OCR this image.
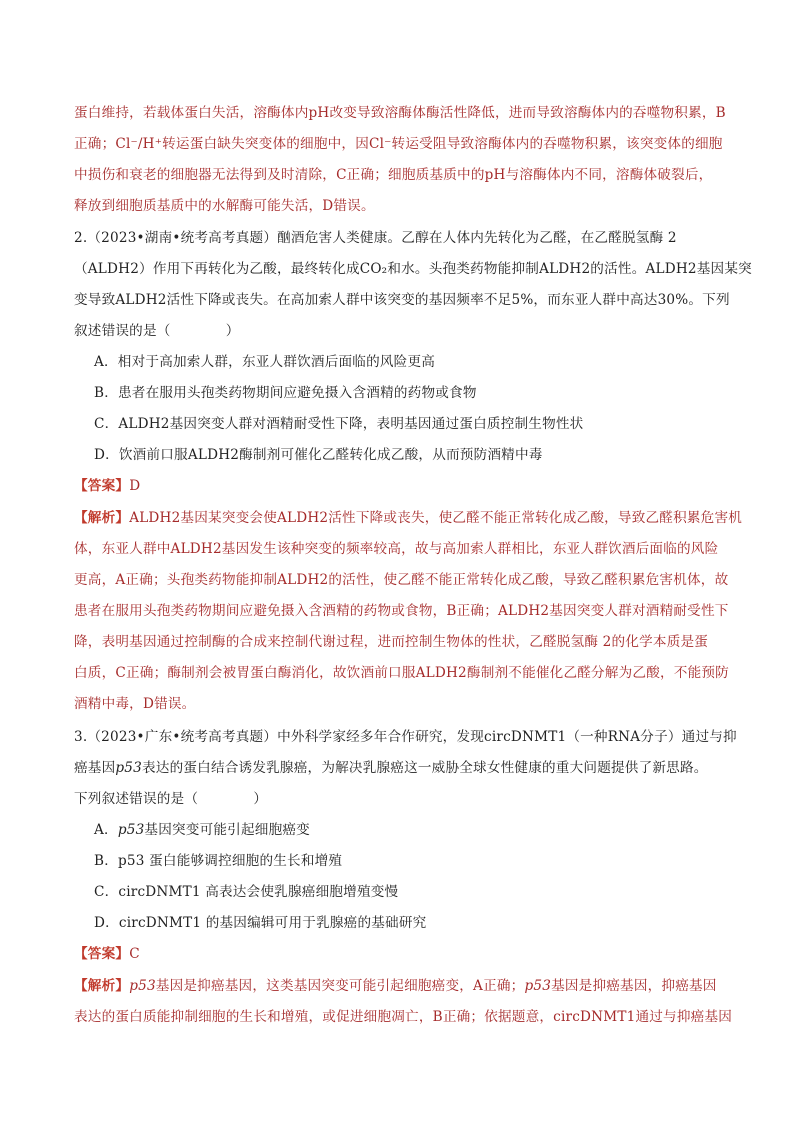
蛋白维持，若载体蛋白失活，溶酶体内pH改变导致溶酶体酶活性降低，进而导致溶酶体内的吞噬物积累，B
正确；Cl⁻/H⁺转运蛋白缺失突变体的细胞中，因Cl⁻转运受阻导致溶酶体内的吞噬物积累，该突变体的细胞
中损伤和衰老的细胞器无法得到及时清除，C正确；细胞质基质中的pH与溶酶体内不同，溶酶体破裂后，
释放到细胞质基质中的水解酶可能失活，D错误。
2.（2023•湖南•统考高考真题）酗酒危害人类健康。乙醇在人体内先转化为乙醛，在乙醛脱氢酶 2
（ALDH2）作用下再转化为乙酸，最终转化成CO₂和水。头孢类药物能抑制ALDH2的活性。ALDH2基因某突
变导致ALDH2活性下降或丧失。在高加索人群中该突变的基因频率不足5%，而东亚人群中高达30%。下列
叙述错误的是（　　　　）
A．相对于高加索人群，东亚人群饮酒后面临的风险更高
B．患者在服用头孢类药物期间应避免摄入含酒精的药物或食物
C．ALDH2基因突变人群对酒精耐受性下降，表明基因通过蛋白质控制生物性状
D．饮酒前口服ALDH2酶制剂可催化乙醛转化成乙酸，从而预防酒精中毒
【答案】D
【解析】ALDH2基因某突变会使ALDH2活性下降或丧失，使乙醛不能正常转化成乙酸，导致乙醛积累危害机
体，东亚人群中ALDH2基因发生该种突变的频率较高，故与高加索人群相比，东亚人群饮酒后面临的风险
更高，A正确；头孢类药物能抑制ALDH2的活性，使乙醛不能正常转化成乙酸，导致乙醛积累危害机体，故
患者在服用头孢类药物期间应避免摄入含酒精的药物或食物，B正确；ALDH2基因突变人群对酒精耐受性下
降，表明基因通过控制酶的合成来控制代谢过程，进而控制生物体的性状，乙醛脱氢酶 2的化学本质是蛋
白质，C正确；酶制剂会被胃蛋白酶消化，故饮酒前口服ALDH2酶制剂不能催化乙醛分解为乙酸，不能预防
酒精中毒，D错误。
3.（2023•广东•统考高考真题）中外科学家经多年合作研究，发现circDNMT1（一种RNA分子）通过与抑
癌基因p53表达的蛋白结合诱发乳腺癌，为解决乳腺癌这一威胁全球女性健康的重大问题提供了新思路。
下列叙述错误的是（　　　　）
A．p53基因突变可能引起细胞癌变
B．p53 蛋白能够调控细胞的生长和增殖
C．circDNMT1 高表达会使乳腺癌细胞增殖变慢
D．circDNMT1 的基因编辑可用于乳腺癌的基础研究
【答案】C
【解析】p53基因是抑癌基因，这类基因突变可能引起细胞癌变，A正确；p53基因是抑癌基因，抑癌基因
表达的蛋白质能抑制细胞的生长和增殖，或促进细胞凋亡，B正确；依据题意，circDNMT1通过与抑癌基因
